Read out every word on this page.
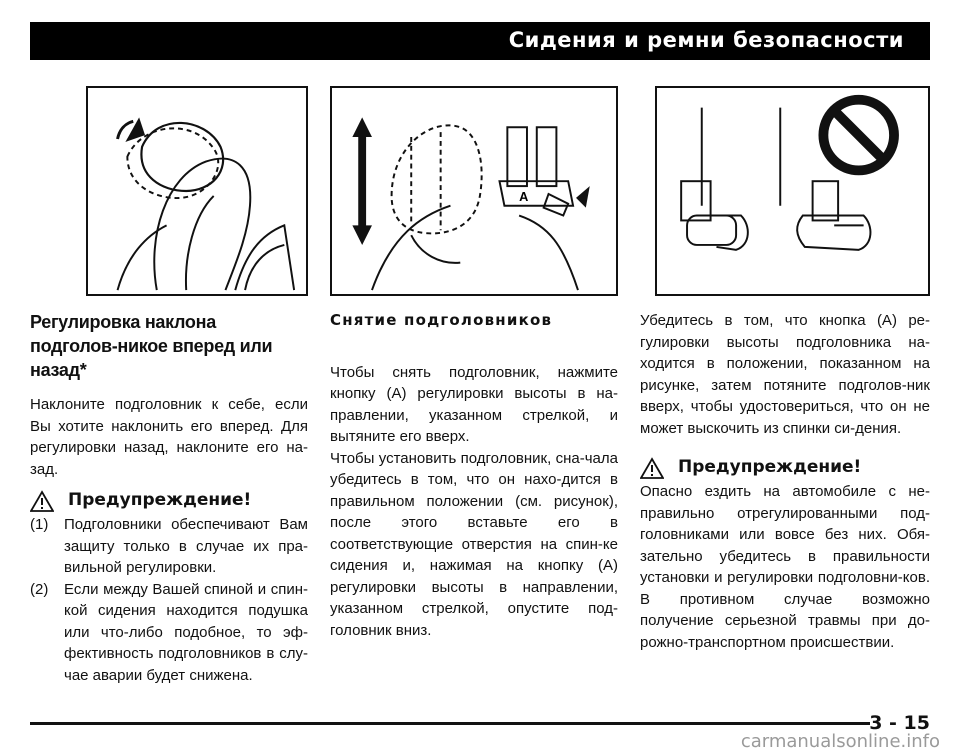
Сидения и ремни безопасности
A
Регулировка наклона подголов-никое вперед или назад*

Наклоните подголовник к себе, если Вы хотите наклонить его вперед. Для регулировки назад, наклоните его на-зад.

Предупреждение!
(1) Подголовники обеспечивают Вам защиту только в случае их пра-вильной регулировки.
(2) Если между Вашей спиной и спин-кой сидения находится подушка или что-либо подобное, то эф-фективность подголовников в слу-чае аварии будет снижена.
Снятие подголовников

Чтобы снять подголовник, нажмите кнопку (А) регулировки высоты в на-правлении, указанном стрелкой, и вытяните его вверх.

Чтобы установить подголовник, сна-чала убедитесь в том, что он нахо-дится в правильном положении (см. рисунок), после этого вставьте его в соответствующие отверстия на спин-ке сидения и, нажимая на кнопку (А) регулировки высоты в направлении, указанном стрелкой, опустите под-головник вниз.

Убедитесь в том, что кнопка (А) ре-гулировки высоты подголовника на-ходится в положении, показанном на рисунке, затем потяните подголов-ник вверх, чтобы удостовериться, что он не может выскочить из спинки си-дения.

Предупреждение!

Опасно ездить на автомобиле с не-правильно отрегулированными под-головниками или вовсе без них. Обя-зательно убедитесь в правильности установки и регулировки подголовни-ков. В противном случае возможно получение серьезной травмы при до-рожно-транспортном происшествии.

3 - 15
carmanualsonline.info
